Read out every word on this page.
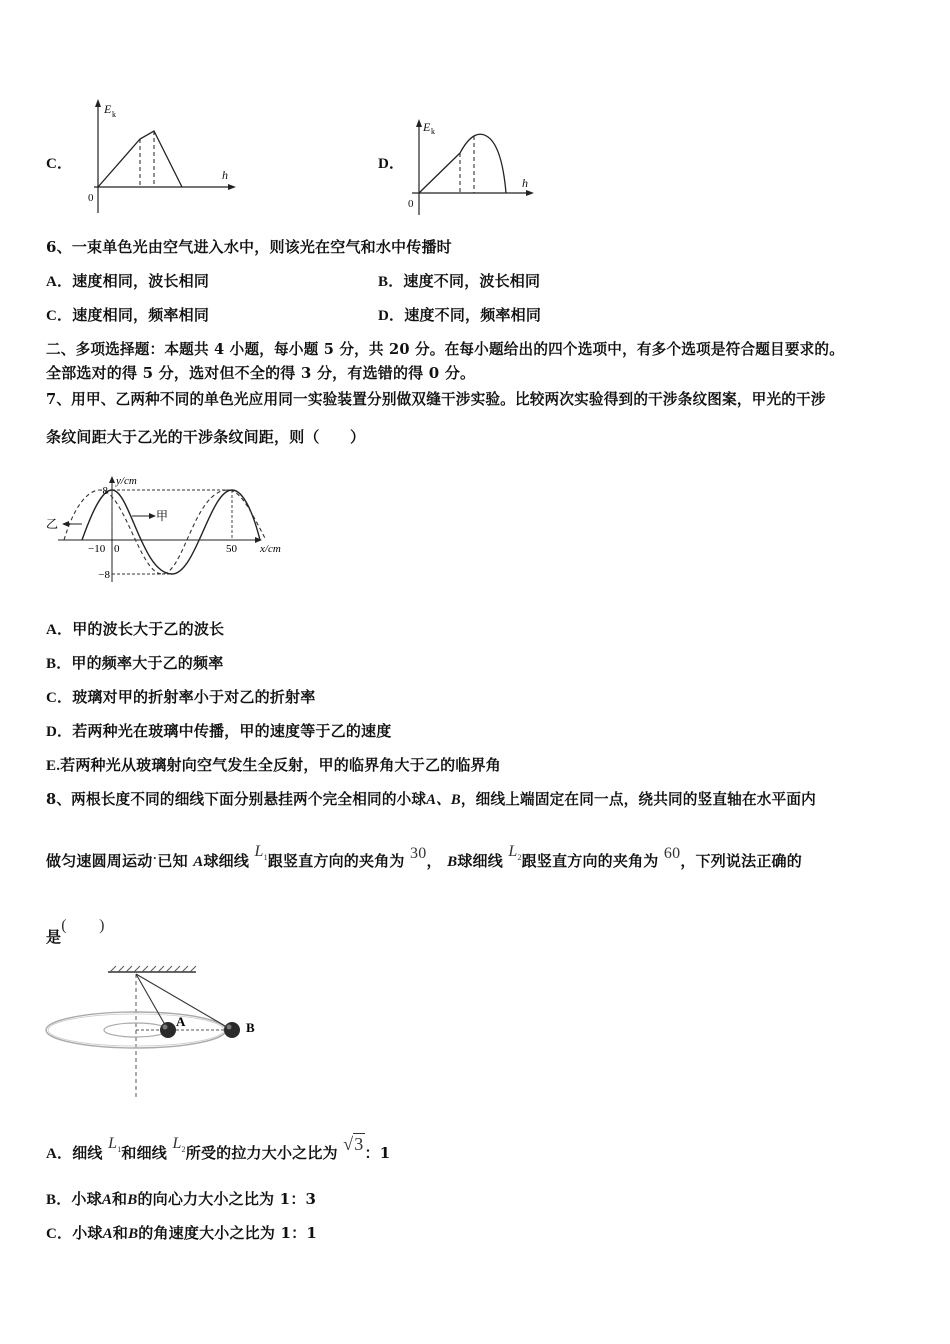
C．
E k
h
0
D．
E k
h
0
6、一束单色光由空气进入水中，则该光在空气和水中传播时
A．速度相同，波长相同	B．速度不同，波长相同
C．速度相同，频率相同	D．速度不同，频率相同
二、多项选择题：本题共 4 小题，每小题 5 分，共 20 分。在每小题给出的四个选项中，有多个选项是符合题目要求的。
全部选对的得 5 分，选对但不全的得 3 分，有选错的得 0 分。
7、用甲、乙两种不同的单色光应用同一实验装置分别做双缝干涉实验。比较两次实验得到的干涉条纹图案，甲光的干涉
条纹间距大于乙光的干涉条纹间距，则（　　）
y/cm
8
−8
−10 0	50 x/cm
甲
乙
A．甲的波长大于乙的波长
B．甲的频率大于乙的频率
C．玻璃对甲的折射率小于对乙的折射率
D．若两种光在玻璃中传播，甲的速度等于乙的速度
E.若两种光从玻璃射向空气发生全反射，甲的临界角大于乙的临界角
8、两根长度不同的细线下面分别悬挂两个完全相同的小球A、B，细线上端固定在同一点，绕共同的竖直轴在水平面内
做匀速圆周运动·已知 A球细线 $L_1$跟竖直方向的夹角为 30， B球细线 $L_2$跟竖直方向的夹角为 60，下列说法正确的
是(　　)
A	B
A．细线 $L_1$和细线 $L_2$所受的拉力大小之比为 √3：1
B．小球A和B的向心力大小之比为 1：3
C．小球A和B的角速度大小之比为 1：1
